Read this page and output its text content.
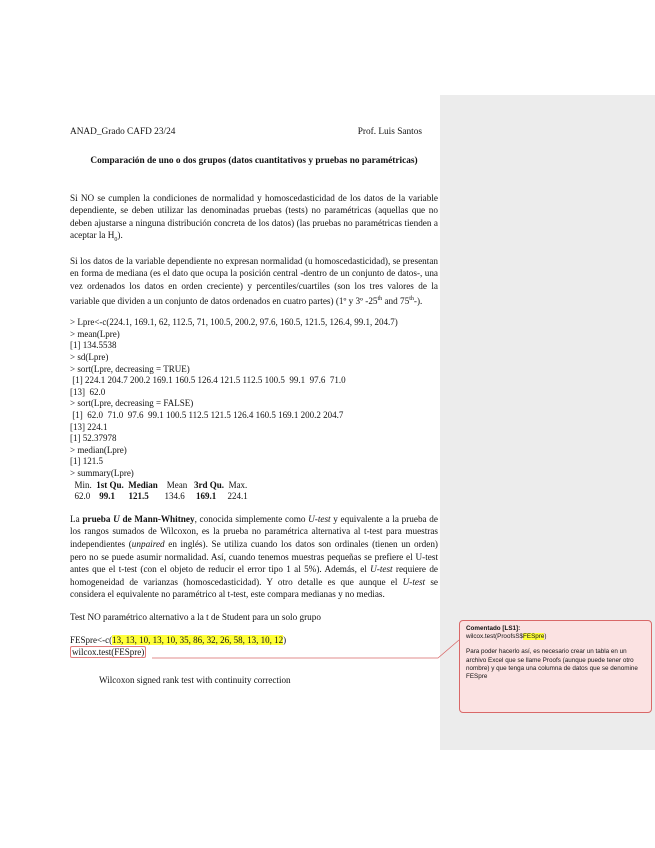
ANAD_Grado CAFD 23/24	Prof. Luis Santos
Comparación de uno o dos grupos (datos cuantitativos y pruebas no paramétricas)

Si NO se cumplen la condiciones de normalidad y homoscedasticidad de los datos de la variable dependiente, se deben utilizar las denominadas pruebas (tests) no paramétricas (aquellas que no deben ajustarse a ninguna distribución concreta de los datos) (las pruebas no paramétricas tienden a aceptar la $H_0$).

Si los datos de la variable dependiente no expresan normalidad (u homoscedasticidad), se presentan en forma de mediana (es el dato que ocupa la posición central -dentro de un conjunto de datos-, una vez ordenados los datos en orden creciente) y percentiles/cuartiles (son los tres valores de la variable que dividen a un conjunto de datos ordenados en cuatro partes) (1º y 3º -25th and 75th-).

> Lpre<-c(224.1, 169.1, 62, 112.5, 71, 100.5, 200.2, 97.6, 160.5, 121.5, 126.4, 99.1, 204.7)
> mean(Lpre)
[1] 134.5538
> sd(Lpre)
> sort(Lpre, decreasing = TRUE)
[1] 224.1 204.7 200.2 169.1 160.5 126.4 121.5 112.5 100.5  99.1  97.6  71.0
[13]  62.0
> sort(Lpre, decreasing = FALSE)
[1]  62.0  71.0  97.6  99.1 100.5 112.5 121.5 126.4 160.5 169.1 200.2 204.7
[13] 224.1
[1] 52.37978
> median(Lpre)
[1] 121.5
> summary(Lpre)
Min. 1st Qu. Median Mean 3rd Qu. Max.
62.0 99.1 121.5 134.6 169.1 224.1

La prueba U de Mann-Whitney, conocida simplemente como U-test y equivalente a la prueba de los rangos sumados de Wilcoxon, es la prueba no paramétrica alternativa al t-test para muestras independientes (unpaired en inglés). Se utiliza cuando los datos son ordinales (tienen un orden) pero no se puede asumir normalidad. Así, cuando tenemos muestras pequeñas se prefiere el U-test antes que el t-test (con el objeto de reducir el error tipo 1 al 5%). Además, el U-test requiere de homogeneidad de varianzas (homoscedasticidad). Y otro detalle es que aunque el U-test se considera el equivalente no paramétrico al t-test, este compara medianas y no medias.

Test NO paramétrico alternativo a la t de Student para un solo grupo

FESpre<-c(13, 13, 10, 13, 10, 35, 86, 32, 26, 58, 13, 10, 12)
wilcox.test(FESpre)
Wilcoxon signed rank test with continuity correction
Comentado [LS1]:
wilcox.test(ProofsS$FESpre)
Para poder hacerlo así, es necesario crear un tabla en un archivo Excel que se llame Proofs (aunque puede tener otro nombre) y que tenga una columna de datos que se denomine FESpre
